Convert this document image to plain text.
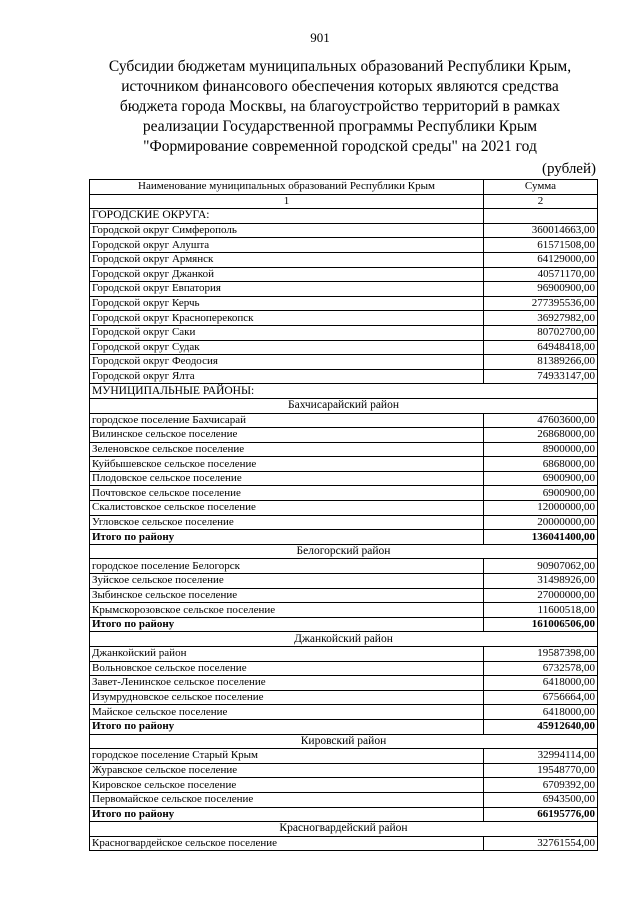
901
Субсидии бюджетам муниципальных образований Республики Крым,
источником финансового обеспечения которых являются средства
бюджета города Москвы, на благоустройство территорий в рамках
реализации Государственной программы Республики Крым
"Формирование современной городской среды" на 2021 год
(рублей)
Наименование муниципальных образований Республики Крым	Сумма
1	2
ГОРОДСКИЕ ОКРУГА:	
Городской округ Симферополь	360014663,00
Городской округ Алушта	61571508,00
Городской округ Армянск	64129000,00
Городской округ Джанкой	40571170,00
Городской округ Евпатория	96900900,00
Городской округ Керчь	277395536,00
Городской округ Красноперекопск	36927982,00
Городской округ Саки	80702700,00
Городской округ Судак	64948418,00
Городской округ Феодосия	81389266,00
Городской округ Ялта	74933147,00
МУНИЦИПАЛЬНЫЕ РАЙОНЫ:	
Бахчисарайский район	
городское поселение Бахчисарай	47603600,00
Вилинское сельское поселение	26868000,00
Зеленовское сельское поселение	8900000,00
Куйбышевское сельское поселение	6868000,00
Плодовское сельское поселение	6900900,00
Почтовское сельское поселение	6900900,00
Скалистовское сельское поселение	12000000,00
Угловское сельское поселение	20000000,00
Итого по району	136041400,00
Белогорский район	
городское поселение Белогорск	90907062,00
Зуйское сельское поселение	31498926,00
Зыбинское сельское поселение	27000000,00
Крымскорозовское сельское поселение	11600518,00
Итого по району	161006506,00
Джанкойский район	
Джанкойский район	19587398,00
Вольновское сельское поселение	6732578,00
Завет-Ленинское сельское поселение	6418000,00
Изумрудновское сельское поселение	6756664,00
Майское сельское поселение	6418000,00
Итого по району	45912640,00
Кировский район	
городское поселение Старый Крым	32994114,00
Журавское сельское поселение	19548770,00
Кировское сельское поселение	6709392,00
Первомайское сельское поселение	6943500,00
Итого по району	66195776,00
Красногвардейский район	
Красногвардейское сельское поселение	32761554,00
